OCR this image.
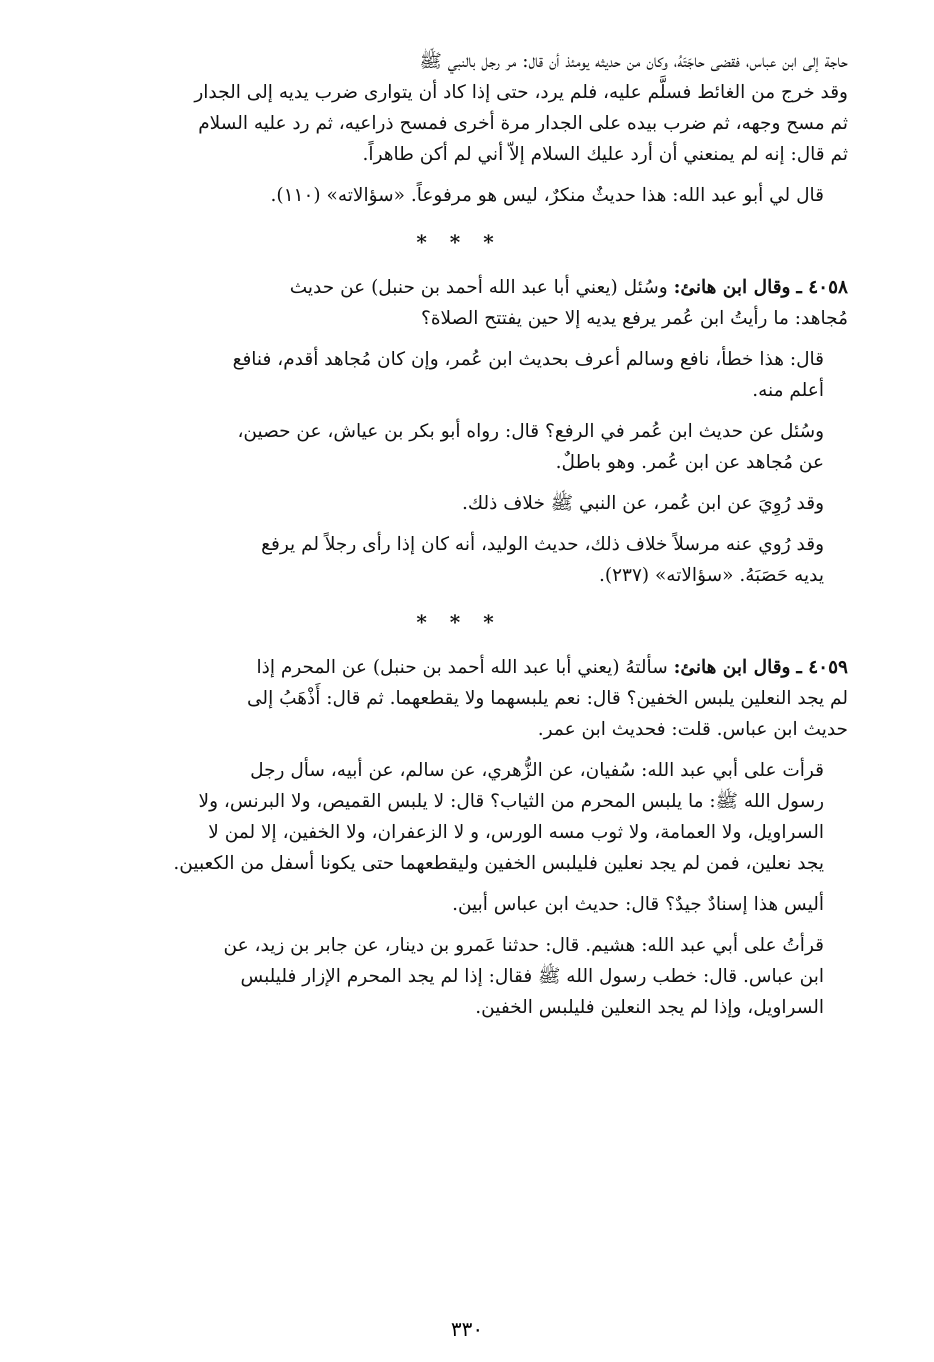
حاجة إلى ابن عباس، فقضى حاجَتَهُ، وكان من حديثه يومئذ أن قال: مر رجل بالنبي ﷺ

وقد خرج من الغائط فسلَّم عليه، فلم يرد، حتى إذا كاد أن يتوارى ضرب يديه إلى الجدار

ثم مسح وجهه، ثم ضرب بيده على الجدار مرة أخرى فمسح ذراعيه، ثم رد عليه السلام

ثم قال: إنه لم يمنعني أن أرد عليك السلام إلاّ أني لم أكن طاهراً.

قال لي أبو عبد الله: هذا حديثٌ منكرٌ، ليس هو مرفوعاً. «سؤالاته» (١١٠).

* * *

٤٠٥٨ ـ وقال ابن هانئ: وسُئل (يعني أبا عبد الله أحمد بن حنبل) عن حديث

مُجاهد: ما رأيتُ ابن عُمر يرفع يديه إلا حين يفتتح الصلاة؟

قال: هذا خطأ، نافع وسالم أعرف بحديث ابن عُمر، وإن كان مُجاهد أقدم، فنافع

أعلم منه.

وسُئل عن حديث ابن عُمر في الرفع؟ قال: رواه أبو بكر بن عياش، عن حصين،

عن مُجاهد عن ابن عُمر. وهو باطلٌ.

وقد رُوِيَ عن ابن عُمر، عن النبي ﷺ خلاف ذلك.

وقد رُوي عنه مرسلاً خلاف ذلك، حديث الوليد، أنه كان إذا رأى رجلاً لم يرفع

يديه حَصَبَهُ. «سؤالاته» (٢٣٧).

* * *

٤٠٥٩ ـ وقال ابن هانئ: سألتهُ (يعني أبا عبد الله أحمد بن حنبل) عن المحرم إذا

لم يجد النعلين يلبس الخفين؟ قال: نعم يلبسهما ولا يقطعهما. ثم قال: أَذْهَبُ إلى

حديث ابن عباس. قلت: فحديث ابن عمر.

قرأت على أبي عبد الله: سُفيان، عن الزُّهري، عن سالم، عن أبيه، سأل رجل

رسول الله ﷺ: ما يلبس المحرم من الثياب؟ قال: لا يلبس القميص، ولا البرنس، ولا

السراويل، ولا العمامة، ولا ثوب مسه الورس، و لا الزعفران، ولا الخفين، إلا لمن لا

يجد نعلين، فمن لم يجد نعلين فليلبس الخفين وليقطعهما حتى يكونا أسفل من الكعبين.

أليس هذا إسنادٌ جيدٌ؟ قال: حديث ابن عباس أبين.

قرأتُ على أبي عبد الله: هشيم. قال: حدثنا عَمرو بن دينار، عن جابر بن زيد، عن

ابن عباس. قال: خطب رسول الله ﷺ فقال: إذا لم يجد المحرم الإزار فليلبس

السراويل، وإذا لم يجد النعلين فليلبس الخفين.

٣٣٠
